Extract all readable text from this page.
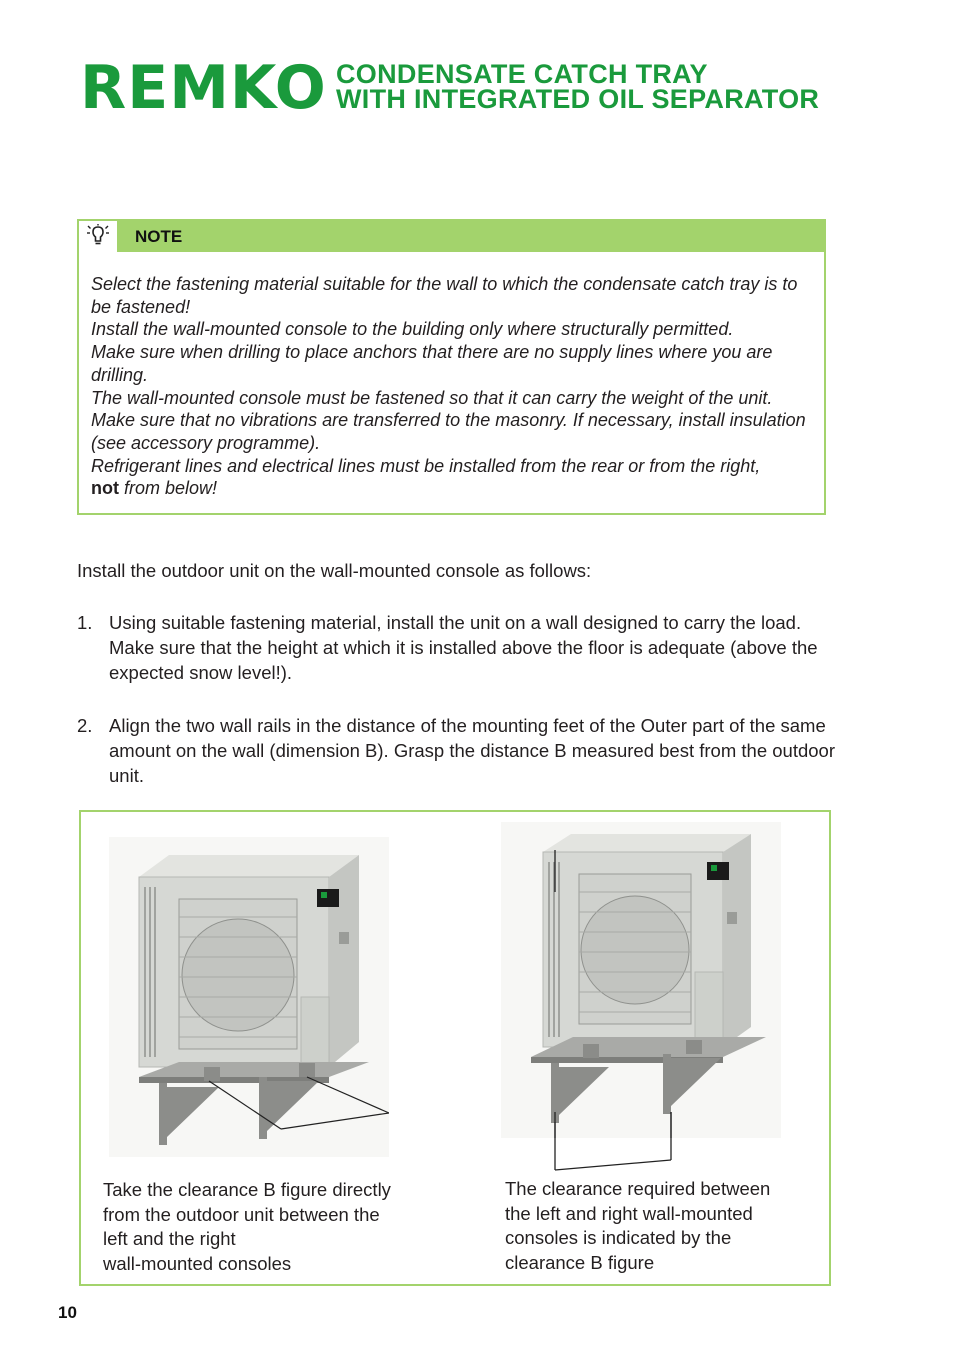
REMKO CONDENSATE CATCH TRAY
WITH INTEGRATED OIL SEPARATOR
NOTE

Select the fastening material suitable for the wall to which the condensate catch tray is to be fastened!

Install the wall-mounted console to the building only where structurally permitted.

Make sure when drilling to place anchors that there are no supply lines where you are drilling.

The wall-mounted console must be fastened so that it can carry the weight of the unit.

Make sure that no vibrations are transferred to the masonry. If necessary, install insulation (see accessory programme).

Refrigerant lines and electrical lines must be installed from the rear or from the right,

not from below!

Install the outdoor unit on the wall-mounted console as follows:
1. Using suitable fastening material, install the unit on a wall designed to carry the load. Make sure that the height at which it is installed above the floor is adequate (above the expected snow level!).
2. Align the two wall rails in the distance of the mounting feet of the Outer part of the same amount on the wall (dimension B). Grasp the distance B measured best from the outdoor unit.
Take the clearance B figure directly
from the outdoor unit between the
left and the right
wall-mounted consoles
The clearance required between
the left and right wall-mounted
consoles is indicated by the
clearance B figure
10
